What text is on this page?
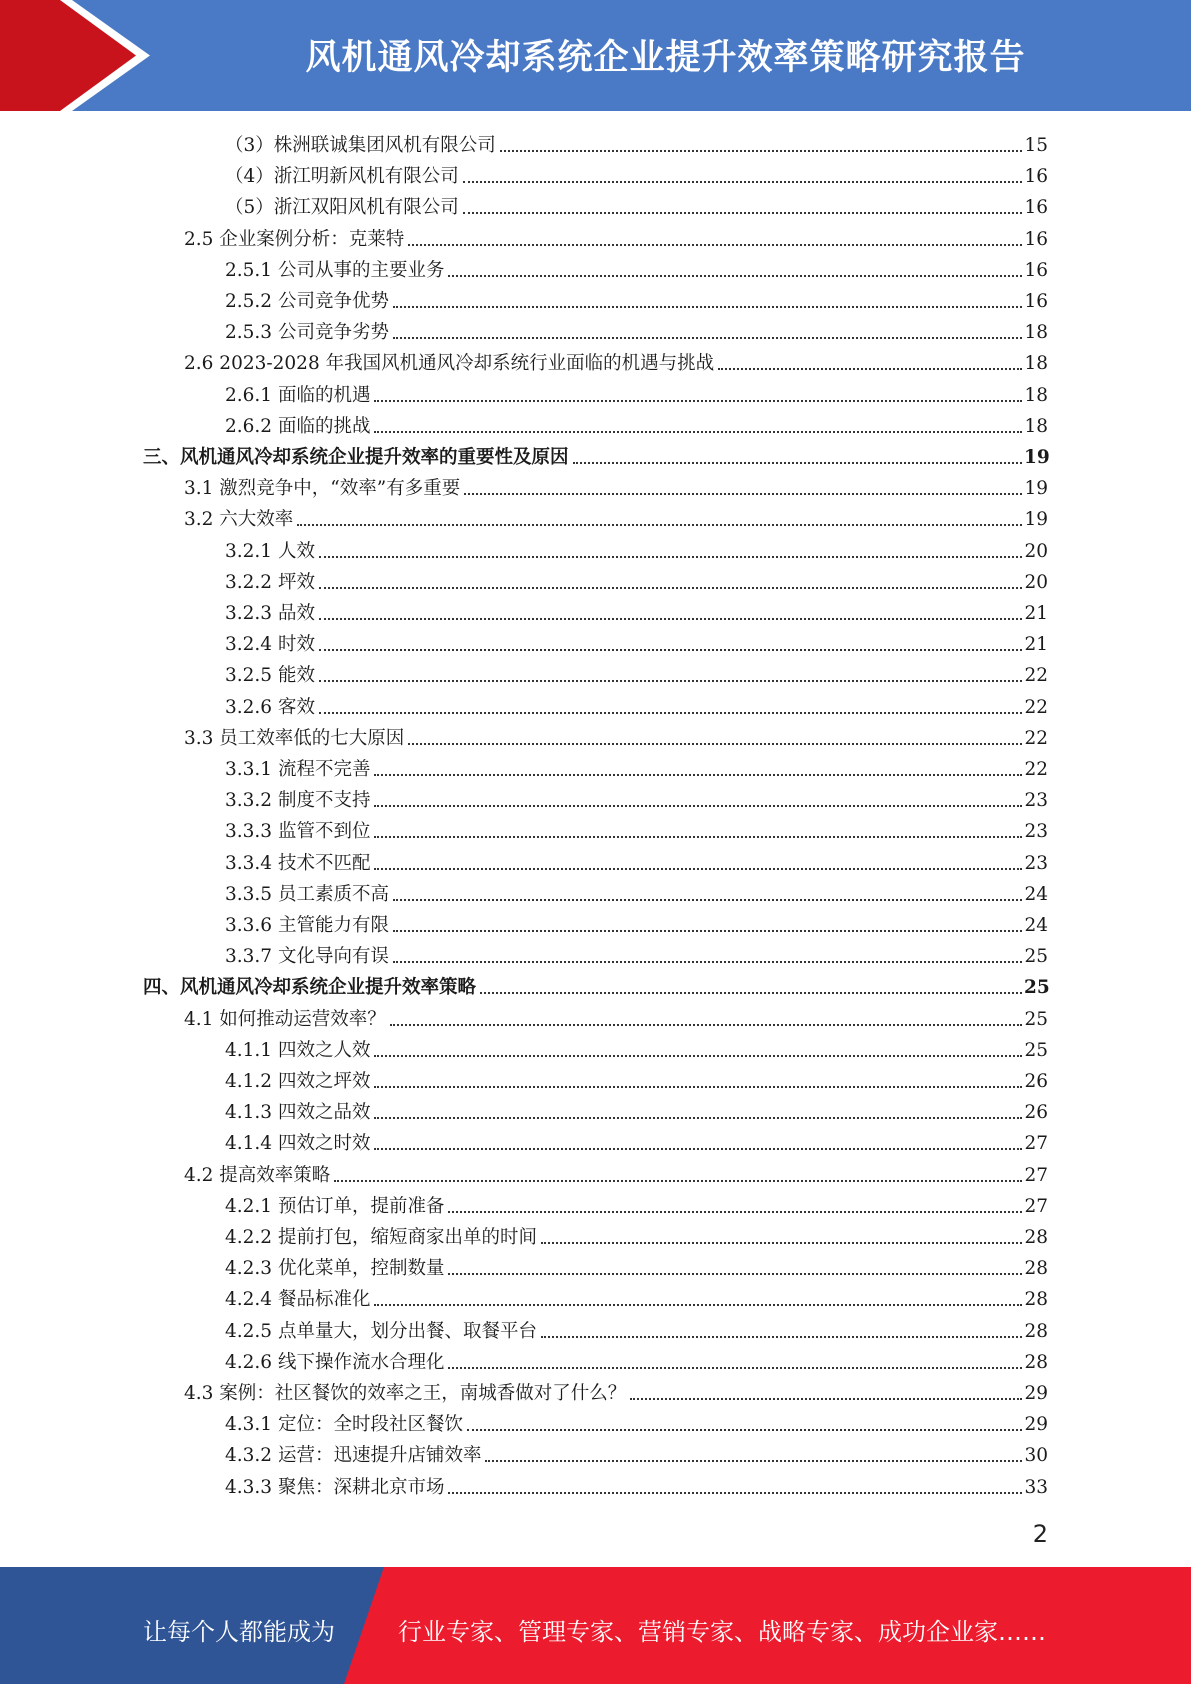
风机通风冷却系统企业提升效率策略研究报告
（3）株洲联诚集团风机有限公司	15
（4）浙江明新风机有限公司	16
（5）浙江双阳风机有限公司	16
2.5 企业案例分析：克莱特	16
2.5.1 公司从事的主要业务	16
2.5.2 公司竞争优势	16
2.5.3 公司竞争劣势	18
2.6 2023-2028 年我国风机通风冷却系统行业面临的机遇与挑战	18
2.6.1 面临的机遇	18
2.6.2 面临的挑战	18
三、风机通风冷却系统企业提升效率的重要性及原因	19
3.1 激烈竞争中，“效率”有多重要	19
3.2 六大效率	19
3.2.1 人效	20
3.2.2 坪效	20
3.2.3 品效	21
3.2.4 时效	21
3.2.5 能效	22
3.2.6 客效	22
3.3 员工效率低的七大原因	22
3.3.1 流程不完善	22
3.3.2 制度不支持	23
3.3.3 监管不到位	23
3.3.4 技术不匹配	23
3.3.5 员工素质不高	24
3.3.6 主管能力有限	24
3.3.7 文化导向有误	25
四、风机通风冷却系统企业提升效率策略	25
4.1 如何推动运营效率？	25
4.1.1 四效之人效	25
4.1.2 四效之坪效	26
4.1.3 四效之品效	26
4.1.4 四效之时效	27
4.2 提高效率策略	27
4.2.1 预估订单，提前准备	27
4.2.2 提前打包，缩短商家出单的时间	28
4.2.3 优化菜单，控制数量	28
4.2.4 餐品标准化	28
4.2.5 点单量大，划分出餐、取餐平台	28
4.2.6 线下操作流水合理化	28
4.3 案例：社区餐饮的效率之王，南城香做对了什么？	29
4.3.1 定位：全时段社区餐饮	29
4.3.2 运营：迅速提升店铺效率	30
4.3.3 聚焦：深耕北京市场	33
2
让每个人都能成为	行业专家、管理专家、营销专家、战略专家、成功企业家……
